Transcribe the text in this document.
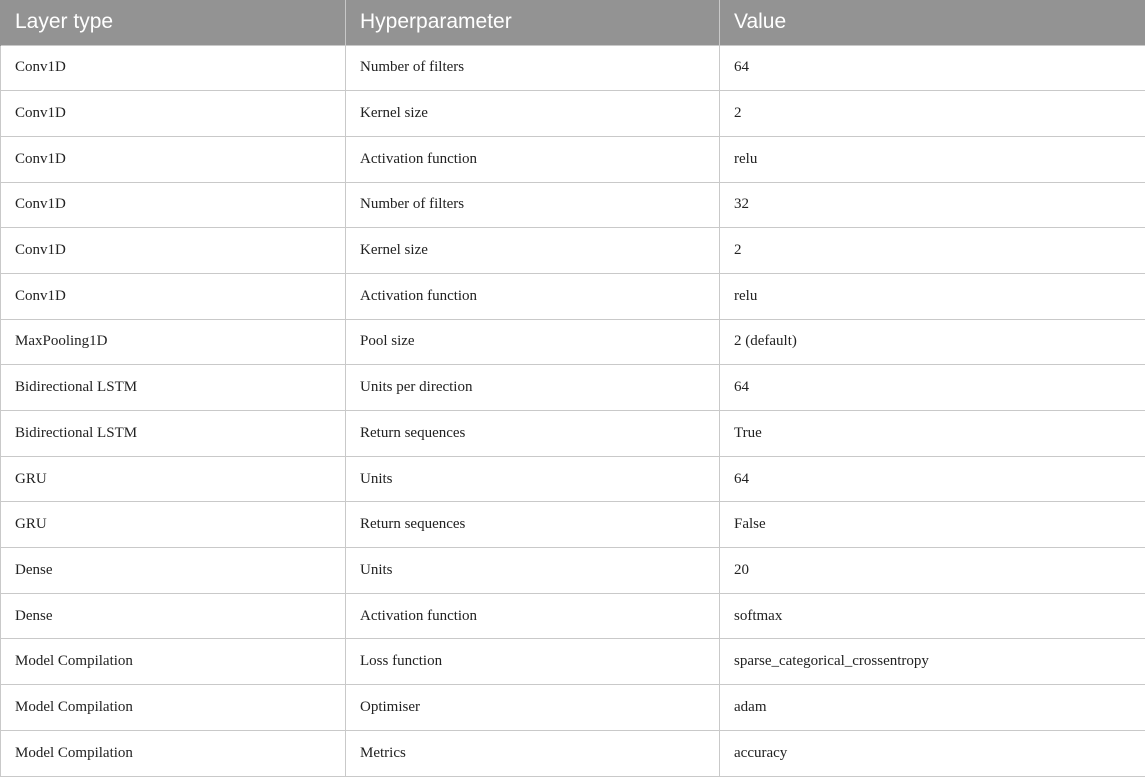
Layer type	Hyperparameter	Value
Conv1D	Number of filters	64
Conv1D	Kernel size	2
Conv1D	Activation function	relu
Conv1D	Number of filters	32
Conv1D	Kernel size	2
Conv1D	Activation function	relu
MaxPooling1D	Pool size	2 (default)
Bidirectional LSTM	Units per direction	64
Bidirectional LSTM	Return sequences	True
GRU	Units	64
GRU	Return sequences	False
Dense	Units	20
Dense	Activation function	softmax
Model Compilation	Loss function	sparse_categorical_crossentropy
Model Compilation	Optimiser	adam
Model Compilation	Metrics	accuracy
